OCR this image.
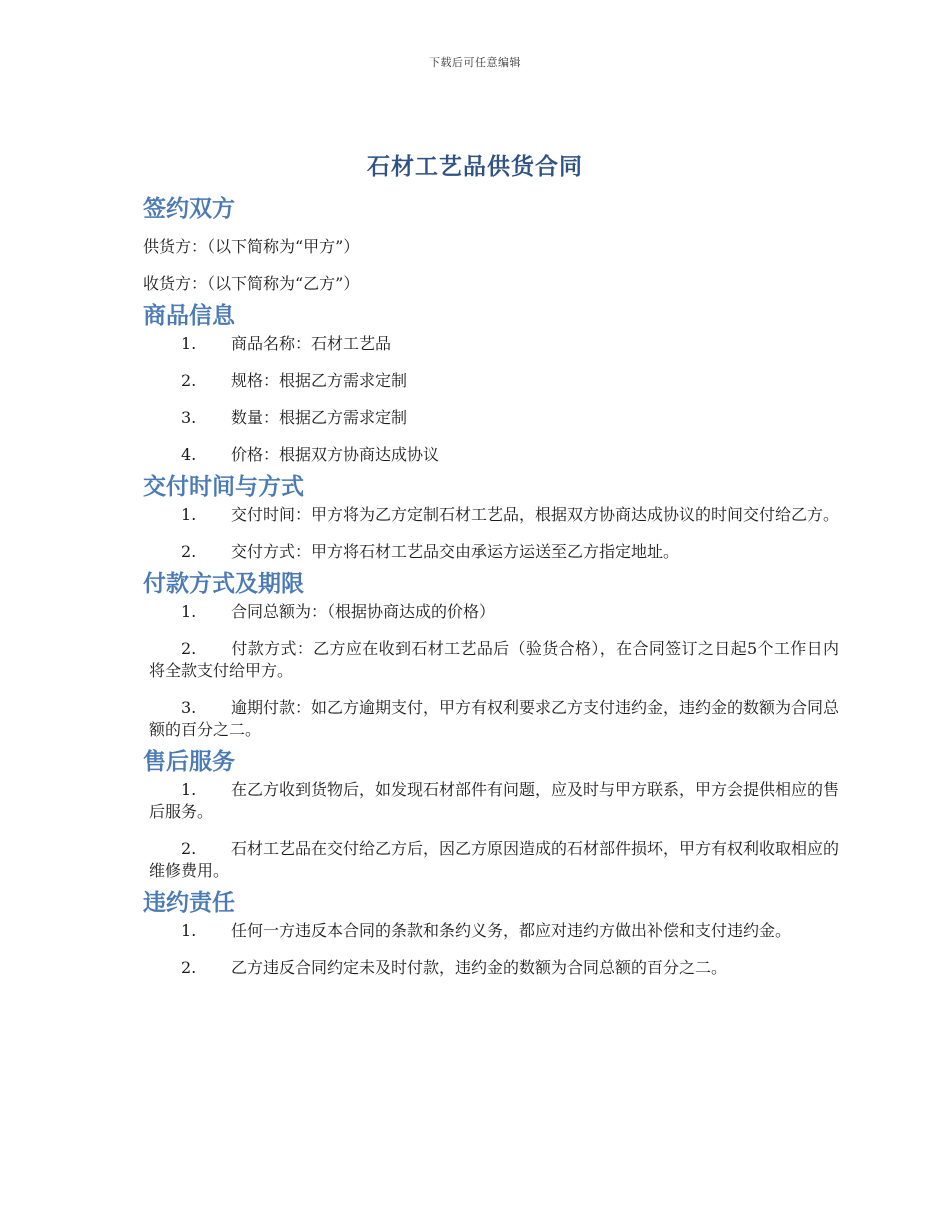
下载后可任意编辑
石材工艺品供货合同
签约双方

供货方：（以下简称为“甲方”）

收货方：（以下简称为“乙方”）

商品信息
1. 商品名称：石材工艺品
2. 规格：根据乙方需求定制
3. 数量：根据乙方需求定制
4. 价格：根据双方协商达成协议
交付时间与方式
1. 交付时间：甲方将为乙方定制石材工艺品，根据双方协商达成协议的时间交付给乙方。
2. 交付方式：甲方将石材工艺品交由承运方运送至乙方指定地址。
付款方式及期限
1. 合同总额为：（根据协商达成的价格）
2. 付款方式：乙方应在收到石材工艺品后（验货合格），在合同签订之日起5个工作日内将全款支付给甲方。
3. 逾期付款：如乙方逾期支付，甲方有权利要求乙方支付违约金，违约金的数额为合同总额的百分之二。
售后服务
1. 在乙方收到货物后，如发现石材部件有问题，应及时与甲方联系，甲方会提供相应的售后服务。
2. 石材工艺品在交付给乙方后，因乙方原因造成的石材部件损坏，甲方有权利收取相应的维修费用。
违约责任
1. 任何一方违反本合同的条款和条约义务，都应对违约方做出补偿和支付违约金。
2. 乙方违反合同约定未及时付款，违约金的数额为合同总额的百分之二。
